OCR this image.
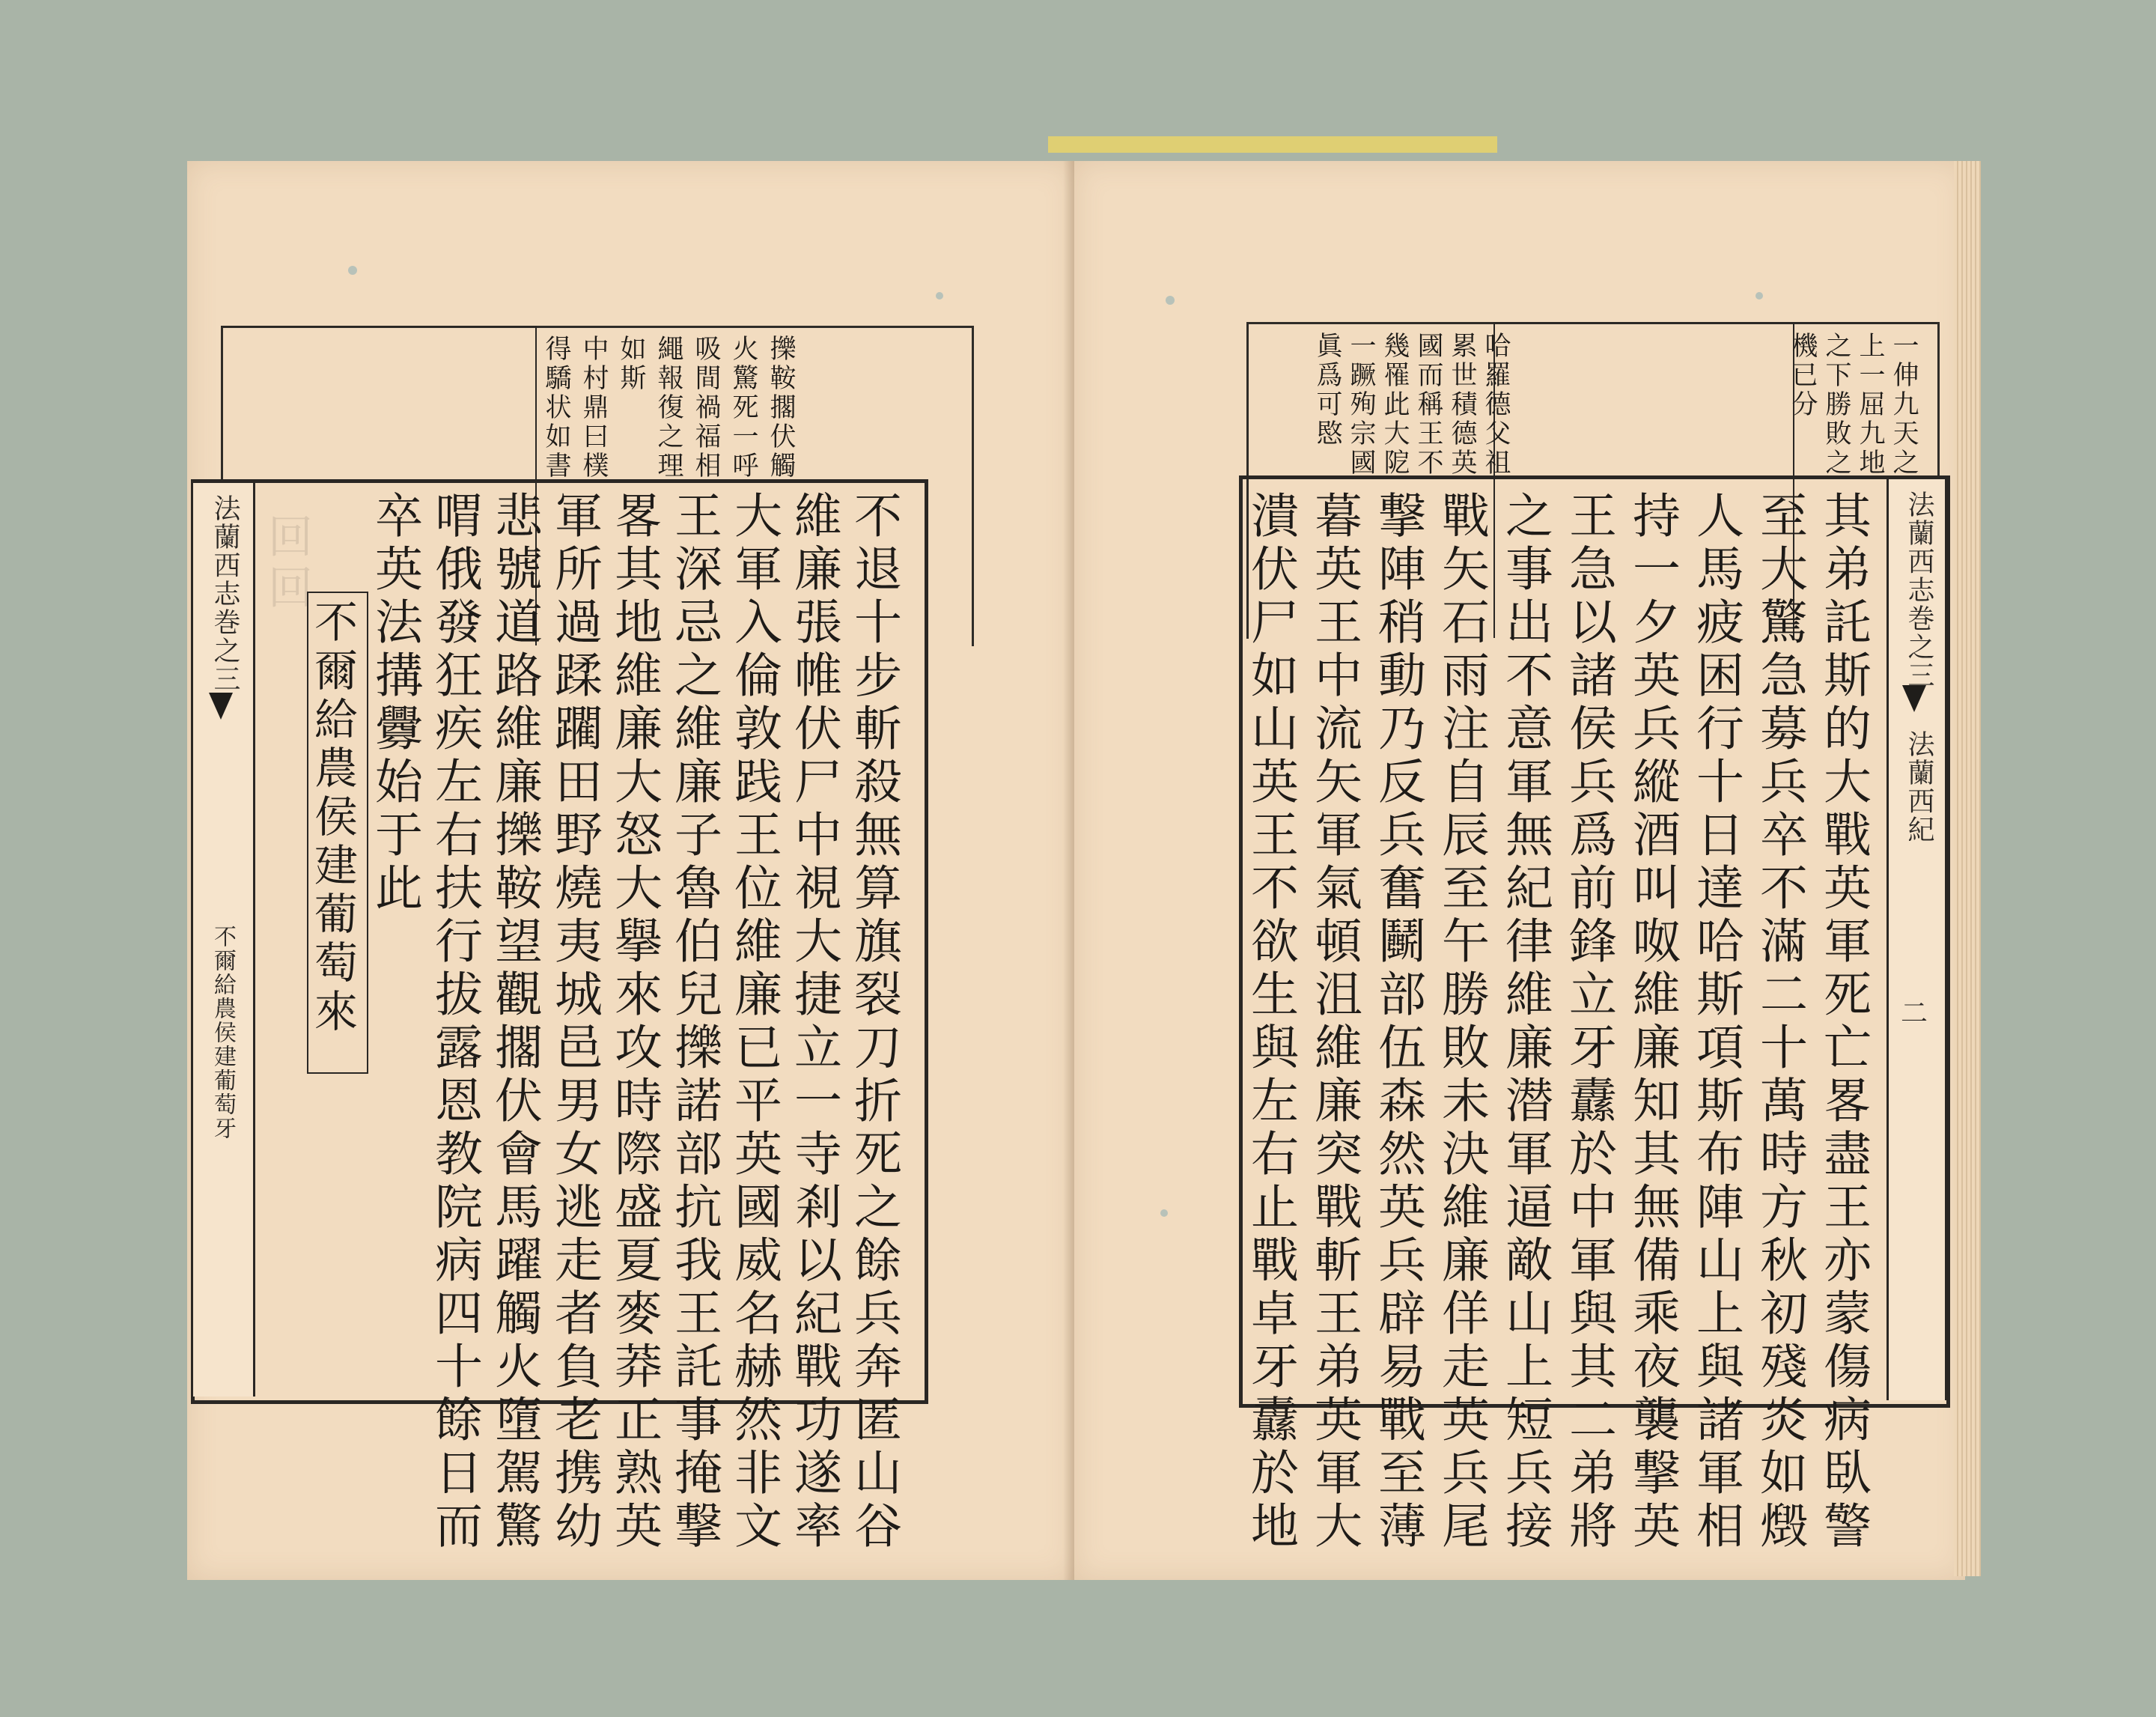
擽鞍擱伏觸
火驚死一呼
吸間禍福相
繩報復之理
如斯
中村鼎曰樸
得驕状如書
法蘭西志巻之三
不爾給農侯建葡萄牙
回回	不退十步斬殺無算旗裂刀折死之餘兵奔匿山谷
維廉張帷伏尸中視大捷立一寺剎以紀戰功遂率
大軍入倫敦践王位維廉已平英國威名赫然非文
王深忌之維廉子魯伯兒擽諾部抗我王託事掩撃
畧其地維廉大怒大擧來攻時際盛夏麥莽正熟英
軍所過蹂躙田野燒夷城邑男女逃走者負老携幼
悲號道路維廉擽鞍望觀擱伏會馬躍觸火墮駕驚
喟俄發狂疾左右扶行拔露恩教院病四十餘日而
卒英法搆釁始于此
不爾給農侯建葡萄來
一伸九天之
上一屈九地
之下勝敗之
機已分
哈羅德父祖
累世積德英
國而稱王不
幾罹此大阸
一蹶殉宗國
眞爲可愍
法蘭西志巻之三
法蘭西紀
二
其弟託斯的大戰英軍死亡畧盡王亦蒙傷病臥警
至大驚急募兵卒不滿二十萬時方秋初殘炎如燬
人馬疲困行十日達哈斯項斯布陣山上與諸軍相
持一夕英兵縱酒叫呶維廉知其無備乘夜襲撃英
王急以諸侯兵爲前鋒立牙纛於中軍與其二弟將
之事出不意軍無紀律維廉潜軍逼敵山上短兵接
戰矢石雨注自辰至午勝敗未決維廉佯走英兵尾
撃陣稍動乃反兵奮鬭部伍森然英兵辟易戰至薄
暮英王中流矢軍氣頓沮維廉突戰斬王弟英軍大
潰伏尸如山英王不欲生與左右止戰卓牙纛於地
